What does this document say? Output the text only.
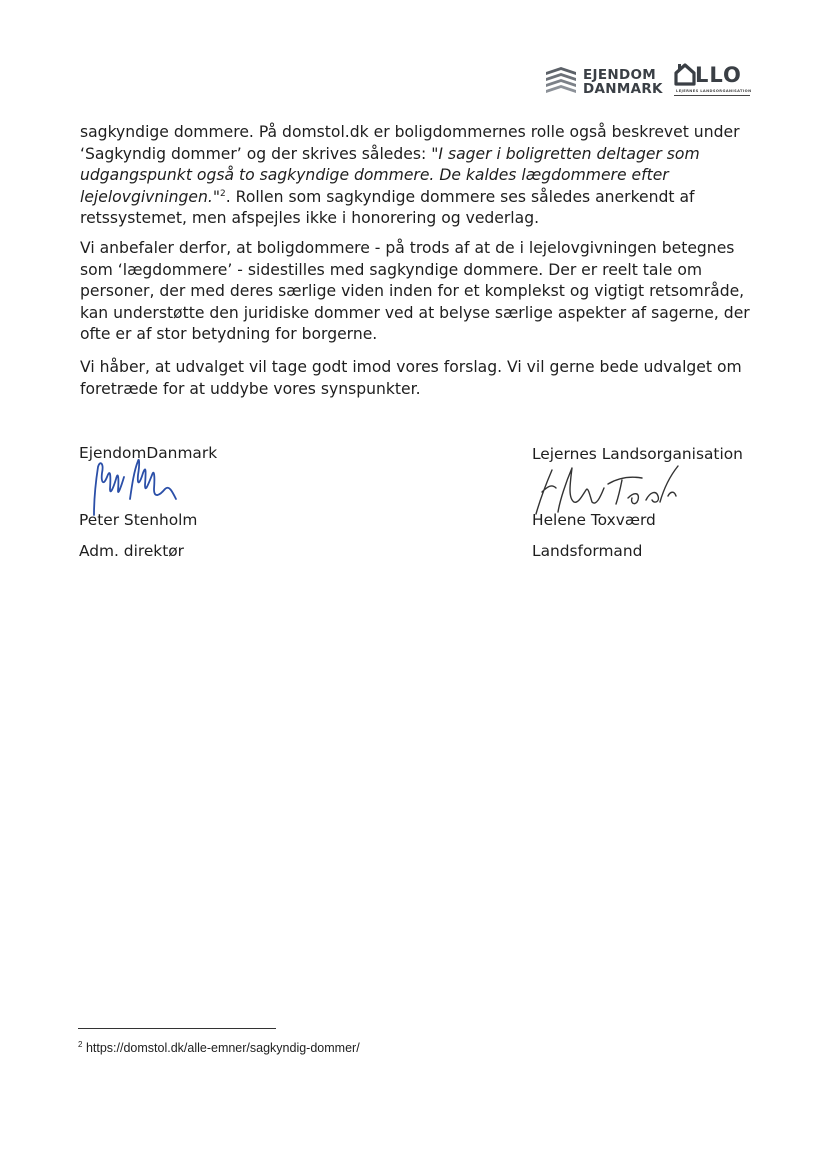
EJENDOM
DANMARK
LLO
LEJERNES LANDSORGANISATION

sagkyndige dommere. På domstol.dk er boligdommernes rolle også beskrevet under
‘Sagkyndig dommer’ og der skrives således: "I sager i boligretten deltager som
udgangspunkt også to sagkyndige dommere. De kaldes lægdommere efter
lejelovgivningen."$^2$. Rollen som sagkyndige dommere ses således anerkendt af
retssystemet, men afspejles ikke i honorering og vederlag.

Vi anbefaler derfor, at boligdommere - på trods af at de i lejelovgivningen betegnes
som ‘lægdommere’ - sidestilles med sagkyndige dommere. Der er reelt tale om
personer, der med deres særlige viden inden for et komplekst og vigtigt retsområde,
kan understøtte den juridiske dommer ved at belyse særlige aspekter af sagerne, der
ofte er af stor betydning for borgerne.

Vi håber, at udvalget vil tage godt imod vores forslag. Vi vil gerne bede udvalget om
foretræde for at uddybe vores synspunkter.

EjendomDanmark
Peter Stenholm
Adm. direktør
Lejernes Landsorganisation
Helene Toxværd
Landsformand
$^2$ https://domstol.dk/alle-emner/sagkyndig-dommer/
